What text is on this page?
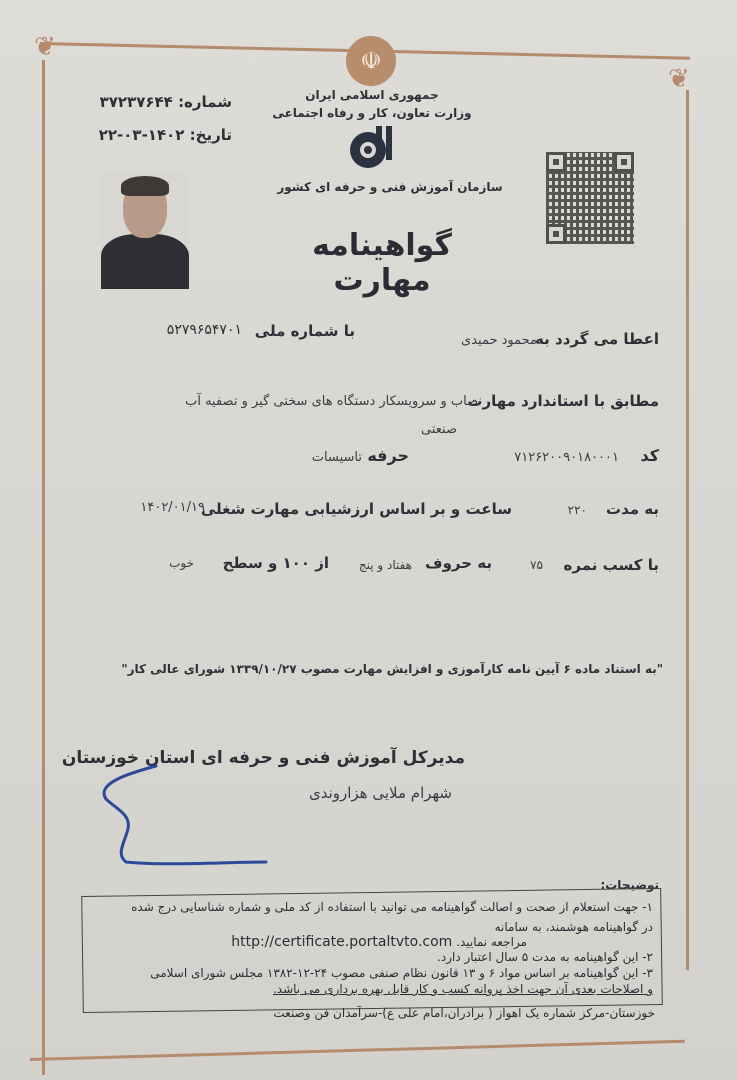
❦
❦
شماره: ۳۷۲۳۷۶۴۴
تاریخ: ۱۴۰۲-۰۳-۲۲
☫
جمهوری اسلامی ایران
وزارت تعاون، کار و رفاه اجتماعی
سازمان آموزش فنی و حرفه ای کشور
گواهینامه مهارت
اعطا می گردد به
محمود حمیدی
با شماره ملی
۵۲۷۹۶۵۴۷۰۱
مطابق با استاندارد مهارت
نصاب و سرویسکار دستگاه های سختی گیر و تصفیه آب
صنعتی
کد
۷۱۲۶۲۰۰۹۰۱۸۰۰۰۱
حرفه
تاسیسات
به مدت
۲۲۰
ساعت و بر اساس ارزشیابی مهارت شغلی
۱۴۰۲/۰۱/۱۹
با کسب نمره
۷۵
به حروف
هفتاد و پنج
از ۱۰۰ و سطح
خوب
"به استناد ماده ۶ آیین نامه کارآموزی و افزایش مهارت مصوب ۱۳۳۹/۱۰/۲۷ شورای عالی کار"
مدیرکل آموزش فنی و حرفه ای استان خوزستان
شهرام ملایی هزاروندی
توضیحات:
۱- جهت استعلام از صحت و اصالت گواهینامه می توانید با استفاده از کد ملی و شماره شناسایی درج شده
در گواهینامه هوشمند، به سامانه
مراجعه نمایید. http://certificate.portaltvto.com
۲- این گواهینامه به مدت ۵ سال اعتبار دارد.
۳- این گواهینامه بر اساس مواد ۶ و ۱۳ قانون نظام صنفی مصوب ۲۴-۱۲-۱۳۸۲ مجلس شورای اسلامی
و اصلاحات بعدی آن جهت اخذ پروانه کسب و کار قابل بهره برداری می باشد.
خوزستان-مرکز شماره یک اهواز ( برادران،امام علی ع)-سرآمدان فن وصنعت
